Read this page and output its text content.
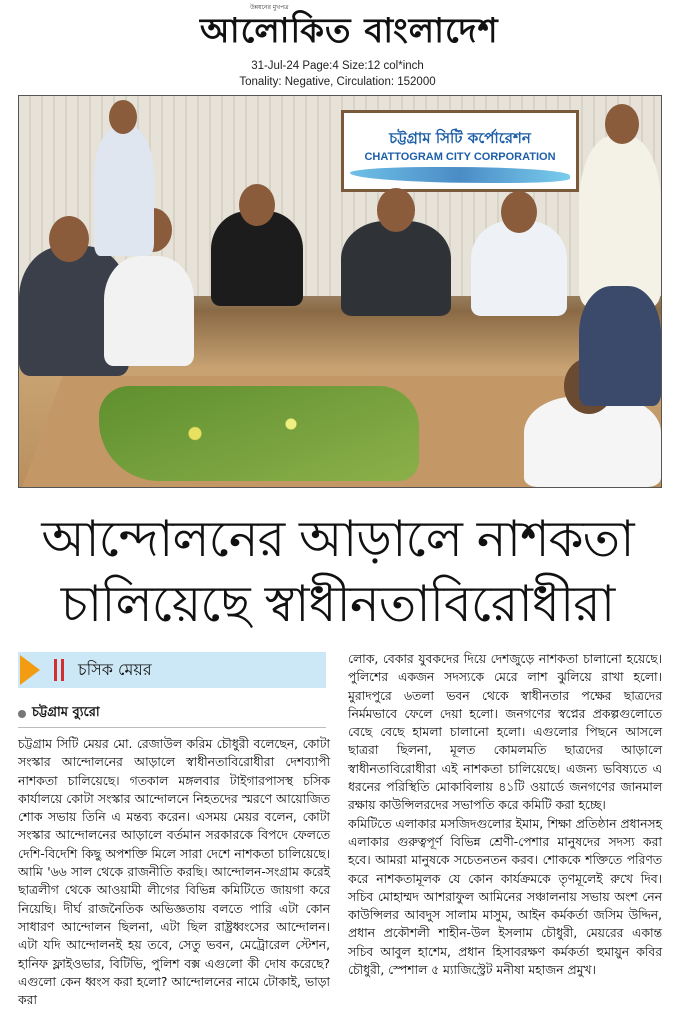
উন্নয়নের মুখপত্র
আলোকিত বাংলাদেশ
31-Jul-24 Page:4 Size:12 col*inch
Tonality: Negative, Circulation: 152000
চট্টগ্রাম সিটি কর্পোরেশন
CHATTOGRAM CITY CORPORATION
আন্দোলনের আড়ালে নাশকতা
চালিয়েছে স্বাধীনতাবিরোধীরা
চসিক মেয়র
চট্টগ্রাম ব্যুরো

চট্টগ্রাম সিটি মেয়র মো. রেজাউল করিম চৌধুরী বলেছেন, কোটা সংস্কার আন্দোলনের আড়ালে স্বাধীনতাবিরোধীরা দেশব্যাপী নাশকতা চালিয়েছে। গতকাল মঙ্গলবার টাইগারপাসস্থ চসিক কার্যালয়ে কোটা সংস্কার আন্দোলনে নিহতদের স্মরণে আয়োজিত শোক সভায় তিনি এ মন্তব্য করেন। এসময় মেয়র বলেন, কোটা সংস্কার আন্দোলনের আড়ালে বর্তমান সরকারকে বিপদে ফেলতে দেশি-বিদেশি কিছু অপশক্তি মিলে সারা দেশে নাশকতা চালিয়েছে। আমি '৬৬ সাল থেকে রাজনীতি করছি। আন্দোলন-সংগ্রাম করেই ছাত্রলীগ থেকে আওয়ামী লীগের বিভিন্ন কমিটিতে জায়গা করে নিয়েছি। দীর্ঘ রাজনৈতিক অভিজ্ঞতায় বলতে পারি এটা কোন সাধারণ আন্দোলন ছিলনা, এটা ছিল রাষ্ট্রধ্বংসের আন্দোলন। এটা যদি আন্দোলনই হয় তবে, সেতু ভবন, মেট্রোরেল স্টেশন, হানিফ ফ্লাইওভার, বিটিভি, পুলিশ বক্স এগুলো কী দোষ করেছে? এগুলো কেন ধ্বংস করা হলো? আন্দোলনের নামে টোকাই, ভাড়া করা

লোক, বেকার যুবকদের দিয়ে দেশজুড়ে নাশকতা চালানো হয়েছে। পুলিশের একজন সদস্যকে মেরে লাশ ঝুলিয়ে রাখা হলো। মুরাদপুরে ৬তলা ভবন থেকে স্বাধীনতার পক্ষের ছাত্রদের নির্মমভাবে ফেলে দেয়া হলো। জনগণের স্বপ্নের প্রকল্পগুলোতে বেছে বেছে হামলা চালানো হলো। এগুলোর পিছনে আসলে ছাত্ররা ছিলনা, মূলত কোমলমতি ছাত্রদের আড়ালে স্বাধীনতাবিরোধীরা এই নাশকতা চালিয়েছে। এজন্য ভবিষ্যতে এ ধরনের পরিস্থিতি মোকাবিলায় ৪১টি ওয়ার্ডে জনগণের জানমাল রক্ষায় কাউন্সিলরদের সভাপতি করে কমিটি করা হচ্ছে।

কমিটিতে এলাকার মসজিদগুলোর ইমাম, শিক্ষা প্রতিষ্ঠান প্রধানসহ এলাকার গুরুত্বপূর্ণ বিভিন্ন শ্রেণী-পেশার মানুষদের সদস্য করা হবে। আমরা মানুষকে সচেতনতন করব। শোককে শক্তিতে পরিণত করে নাশকতামূলক যে কোন কার্যক্রমকে তৃণমূলেই রুখে দিব। সচিব মোহাম্মদ আশরাফুল আমিনের সঞ্চালনায় সভায় অংশ নেন কাউন্সিলর আবদুস সালাম মাসুম, আইন কর্মকর্তা জসিম উদ্দিন, প্রধান প্রকৌশলী শাহীন-উল ইসলাম চৌধুরী, মেয়রের একান্ত সচিব আবুল হাশেম, প্রধান হিসাবরক্ষণ কর্মকর্তা হুমায়ুন কবির চৌধুরী, স্পেশাল ৫ ম্যাজিস্ট্রেট মনীষা মহাজন প্রমুখ।
